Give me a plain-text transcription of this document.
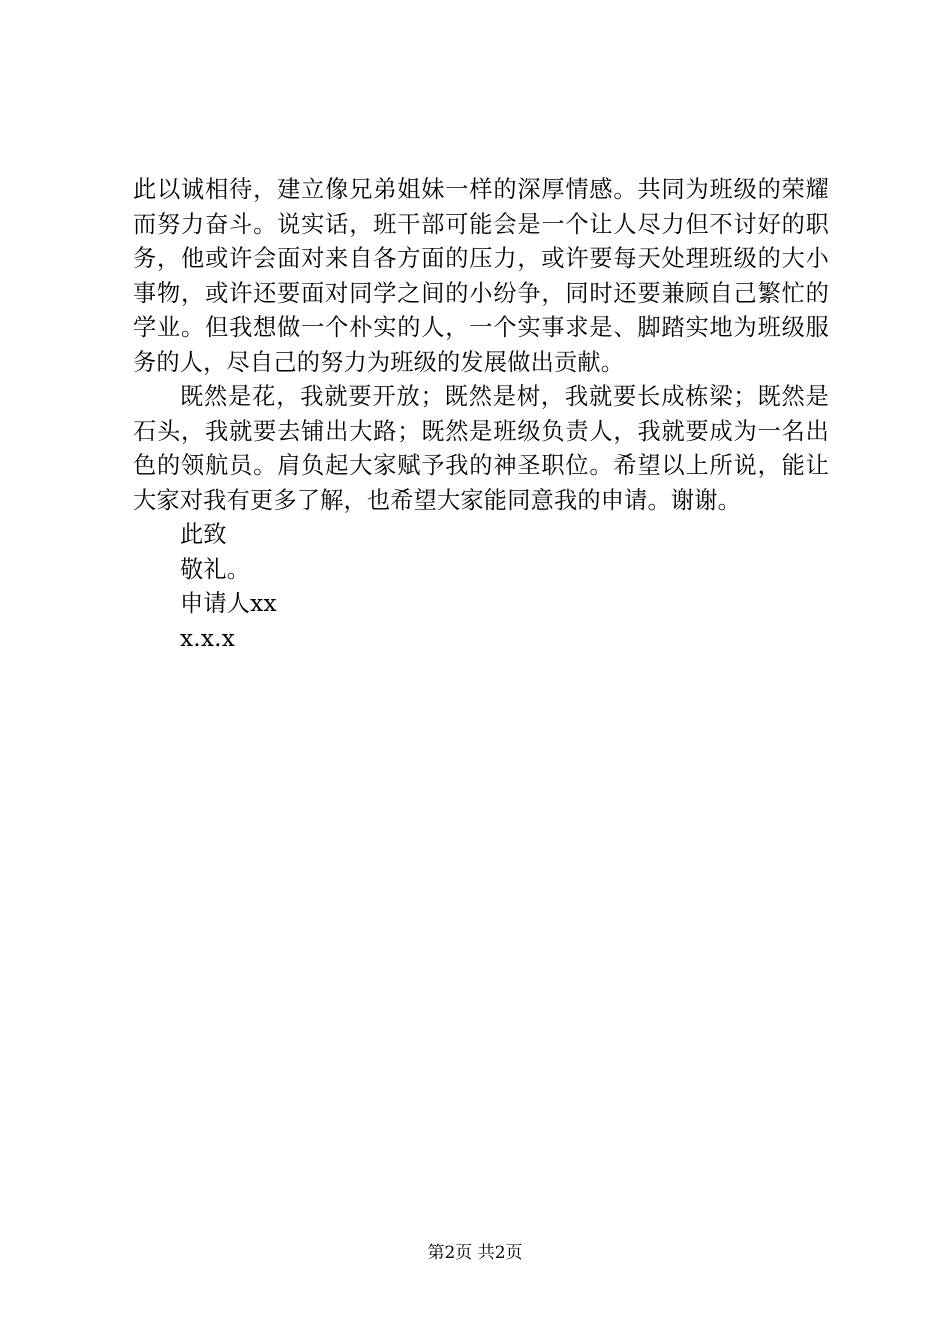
此以诚相待，建立像兄弟姐妹一样的深厚情感。共同为班级的荣耀而努力奋斗。说实话，班干部可能会是一个让人尽力但不讨好的职务，他或许会面对来自各方面的压力，或许要每天处理班级的大小事物，或许还要面对同学之间的小纷争，同时还要兼顾自己繁忙的学业。但我想做一个朴实的人，一个实事求是、脚踏实地为班级服务的人，尽自己的努力为班级的发展做出贡献。

既然是花，我就要开放；既然是树，我就要长成栋梁；既然是石头，我就要去铺出大路；既然是班级负责人，我就要成为一名出色的领航员。肩负起大家赋予我的神圣职位。希望以上所说，能让大家对我有更多了解，也希望大家能同意我的申请。谢谢。

此致

敬礼。

申请人xx

x.x.x

第2页 共2页
